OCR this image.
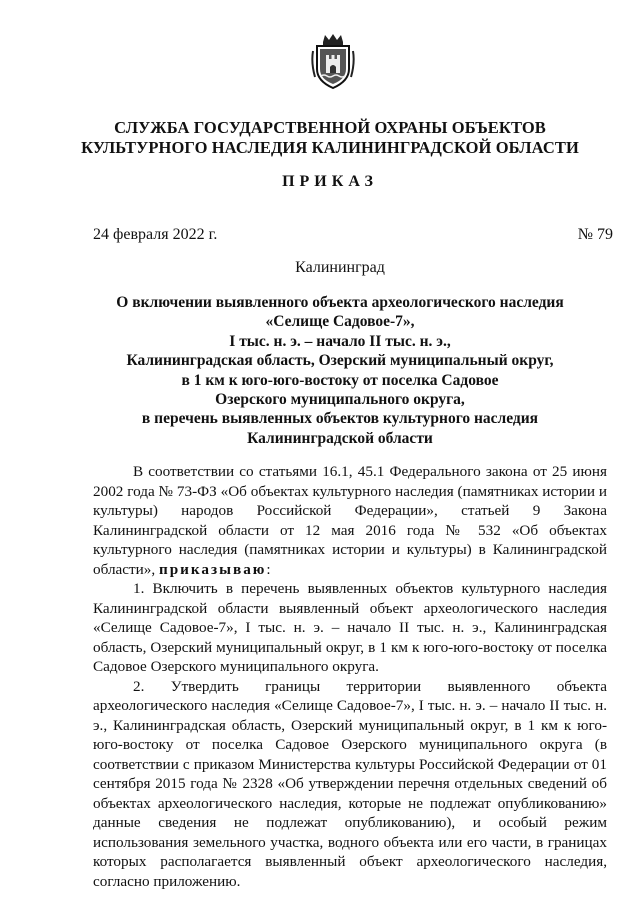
СЛУЖБА ГОСУДАРСТВЕННОЙ ОХРАНЫ ОБЪЕКТОВ
КУЛЬТУРНОГО НАСЛЕДИЯ КАЛИНИНГРАДСКОЙ ОБЛАСТИ
ПРИКАЗ
24 февраля 2022 г.	№ 79
Калининград
О включении выявленного объекта археологического наследия
«Селище Садовое-7»,
I тыс. н. э. – начало II тыс. н. э.,
Калининградская область, Озерский муниципальный округ,
в 1 км к юго-юго-востоку от поселка Садовое
Озерского муниципального округа,
в перечень выявленных объектов культурного наследия
Калининградской области

В соответствии со статьями 16.1, 45.1 Федерального закона от 25 июня 2002 года № 73-ФЗ «Об объектах культурного наследия (памятниках истории и культуры) народов Российской Федерации», статьей 9 Закона Калининградской области от 12 мая 2016 года № 532 «Об объектах культурного наследия (памятниках истории и культуры) в Калининградской области», приказываю:

1. Включить в перечень выявленных объектов культурного наследия Калининградской области выявленный объект археологического наследия «Селище Садовое-7», I тыс. н. э. – начало II тыс. н. э., Калининградская область, Озерский муниципальный округ, в 1 км к юго-юго-востоку от поселка Садовое Озерского муниципального округа.

2. Утвердить границы территории выявленного объекта археологического наследия «Селище Садовое-7», I тыс. н. э. – начало II тыс. н. э., Калининградская область, Озерский муниципальный округ, в 1 км к юго-юго-востоку от поселка Садовое Озерского муниципального округа (в соответствии с приказом Министерства культуры Российской Федерации от 01 сентября 2015 года № 2328 «Об утверждении перечня отдельных сведений об объектах археологического наследия, которые не подлежат опубликованию» данные сведения не подлежат опубликованию), и особый режим использования земельного участка, водного объекта или его части, в границах которых располагается выявленный объект археологического наследия, согласно приложению.
